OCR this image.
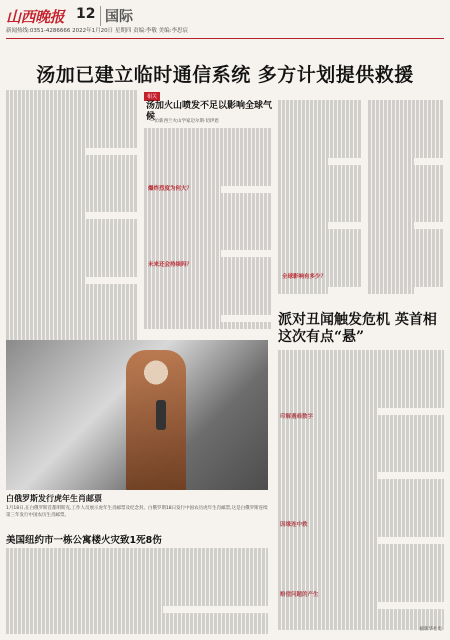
山西晚报 12 国际
新闻热线:0351-4286666 2022年1月20日 星期四 责编:李敬 美编:李思宸
汤加已建立临时通信系统 多方计划提供救援
相关
汤加火山喷发不足以影响全球气候
—访新西兰火山学家迈尔斯·切伊恩
爆炸烈度为何大？
未来还会持续吗？
全球影响有多少？
白俄罗斯发行虎年生肖邮票
1月18日,在白俄罗斯首都明斯克,工作人员展示虎年生肖邮票及纪念封。白俄罗斯18日发行中国农历虎年生肖邮票,这是白俄罗斯连续第三年发行中国农历生肖邮票。
美国纽约市一栋公寓楼火灾致1死8伤
派对丑闻触发危机 英首相这次有点“悬”
印解遇难数字
因缘连中救
赔偿问题的产生
据新华社电
